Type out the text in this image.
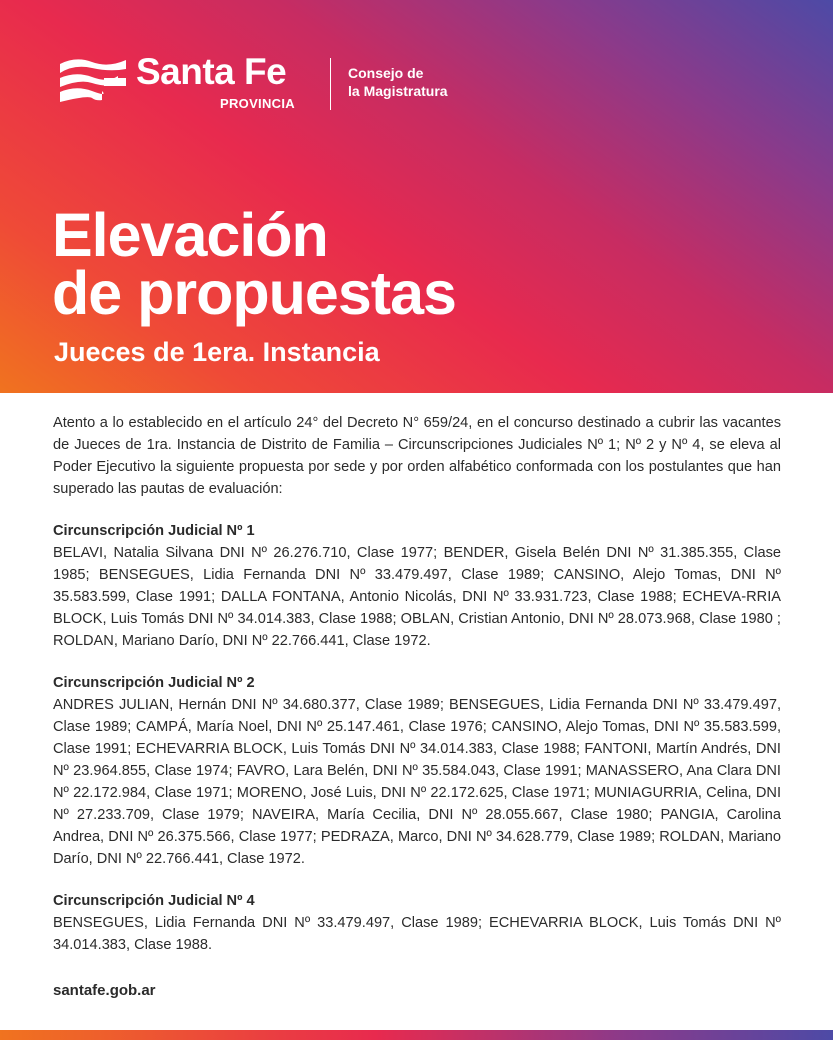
Santa Fe
PROVINCIA
Consejo de
la Magistratura
Elevación
de propuestas
Jueces de 1era. Instancia

Atento a lo establecido en el artículo 24° del Decreto N° 659/24, en el concurso destinado a cubrir las vacantes de Jueces de 1ra. Instancia de Distrito de Familia – Circunscripciones Judiciales Nº 1; Nº 2 y Nº 4, se eleva al Poder Ejecutivo la siguiente propuesta por sede y por orden alfabético conformada con los postulantes que han superado las pautas de evaluación:

Circunscripción Judicial Nº 1

BELAVI, Natalia Silvana DNI Nº 26.276.710, Clase 1977; BENDER, Gisela Belén DNI Nº 31.385.355, Clase 1985; BENSEGUES, Lidia Fernanda DNI Nº 33.479.497, Clase 1989; CANSINO, Alejo Tomas, DNI Nº 35.583.599, Clase 1991; DALLA FONTANA, Antonio Nicolás, DNI Nº 33.931.723, Clase 1988; ECHEVA-RRIA BLOCK, Luis Tomás DNI Nº 34.014.383, Clase 1988; OBLAN, Cristian Antonio, DNI Nº 28.073.968, Clase 1980 ; ROLDAN, Mariano Darío, DNI Nº 22.766.441, Clase 1972.

Circunscripción Judicial Nº 2

ANDRES JULIAN, Hernán DNI Nº 34.680.377, Clase 1989; BENSEGUES, Lidia Fernanda DNI Nº 33.479.497, Clase 1989; CAMPÁ, María Noel, DNI Nº 25.147.461, Clase 1976; CANSINO, Alejo Tomas, DNI Nº 35.583.599, Clase 1991; ECHEVARRIA BLOCK, Luis Tomás DNI Nº 34.014.383, Clase 1988; FANTONI, Martín Andrés, DNI Nº 23.964.855, Clase 1974; FAVRO, Lara Belén, DNI Nº 35.584.043, Clase 1991; MANASSERO, Ana Clara DNI Nº 22.172.984, Clase 1971; MORENO, José Luis, DNI Nº 22.172.625, Clase 1971; MUNIAGURRIA, Celina, DNI Nº 27.233.709, Clase 1979; NAVEIRA, María Cecilia, DNI Nº 28.055.667, Clase 1980; PANGIA, Carolina Andrea, DNI Nº 26.375.566, Clase 1977; PEDRAZA, Marco, DNI Nº 34.628.779, Clase 1989; ROLDAN, Mariano Darío, DNI Nº 22.766.441, Clase 1972.

Circunscripción Judicial Nº 4

BENSEGUES, Lidia Fernanda DNI Nº 33.479.497, Clase 1989; ECHEVARRIA BLOCK, Luis Tomás DNI Nº 34.014.383, Clase 1988.

santafe.gob.ar
